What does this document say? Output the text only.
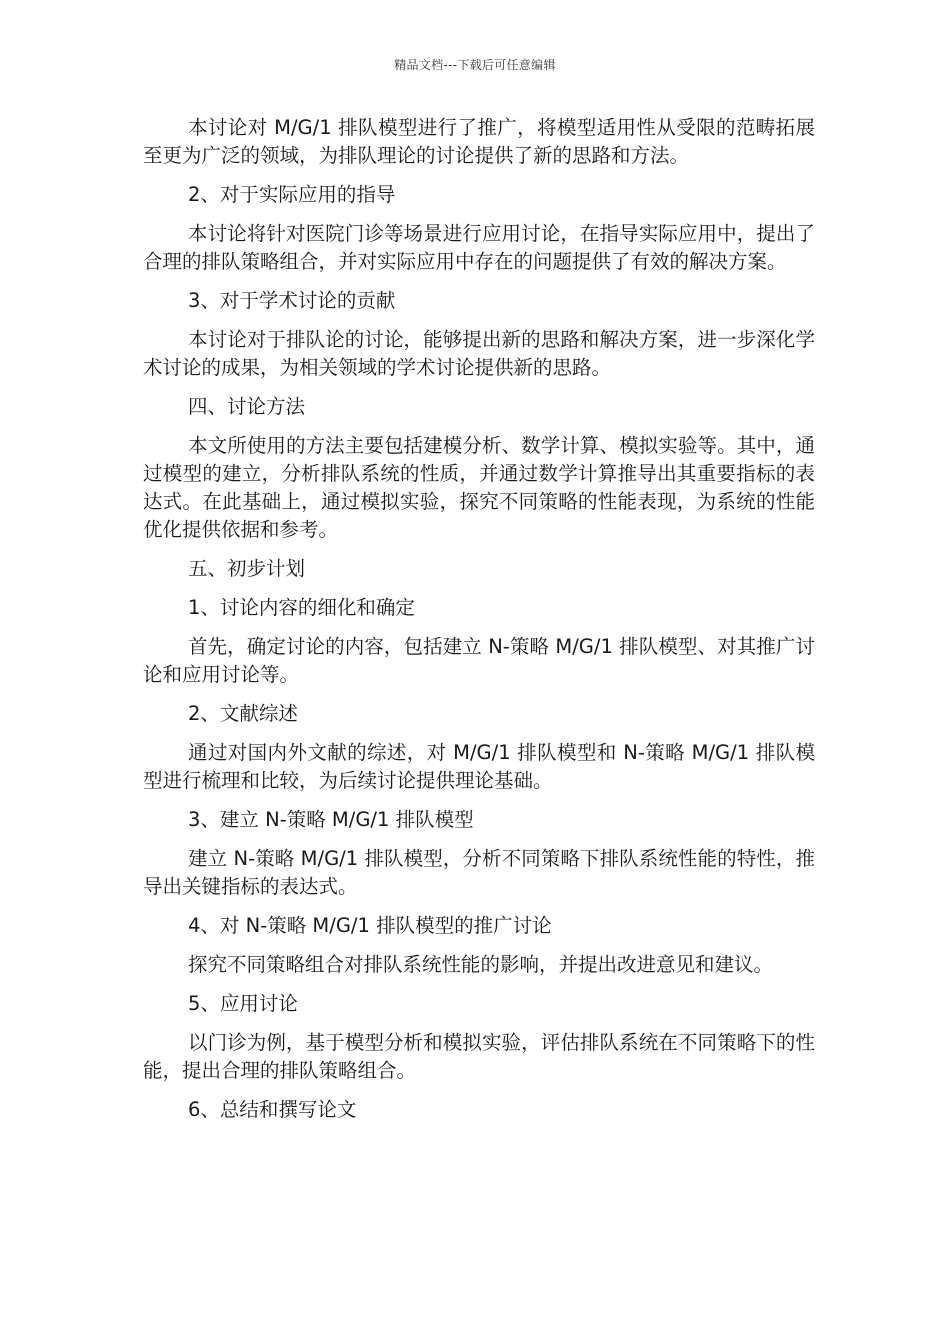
精品文档---下载后可任意编辑

本讨论对 M/G/1 排队模型进行了推广，将模型适用性从受限的范畴拓展至更为广泛的领域，为排队理论的讨论提供了新的思路和方法。

2、对于实际应用的指导

本讨论将针对医院门诊等场景进行应用讨论，在指导实际应用中，提出了合理的排队策略组合，并对实际应用中存在的问题提供了有效的解决方案。

3、对于学术讨论的贡献

本讨论对于排队论的讨论，能够提出新的思路和解决方案，进一步深化学术讨论的成果，为相关领域的学术讨论提供新的思路。

四、讨论方法

本文所使用的方法主要包括建模分析、数学计算、模拟实验等。其中，通过模型的建立，分析排队系统的性质，并通过数学计算推导出其重要指标的表达式。在此基础上，通过模拟实验，探究不同策略的性能表现，为系统的性能优化提供依据和参考。

五、初步计划

1、讨论内容的细化和确定

首先，确定讨论的内容，包括建立 N-策略 M/G/1 排队模型、对其推广讨论和应用讨论等。

2、文献综述

通过对国内外文献的综述，对 M/G/1 排队模型和 N-策略 M/G/1 排队模型进行梳理和比较，为后续讨论提供理论基础。

3、建立 N-策略 M/G/1 排队模型

建立 N-策略 M/G/1 排队模型，分析不同策略下排队系统性能的特性，推导出关键指标的表达式。

4、对 N-策略 M/G/1 排队模型的推广讨论

探究不同策略组合对排队系统性能的影响，并提出改进意见和建议。

5、应用讨论

以门诊为例，基于模型分析和模拟实验，评估排队系统在不同策略下的性能，提出合理的排队策略组合。

6、总结和撰写论文
